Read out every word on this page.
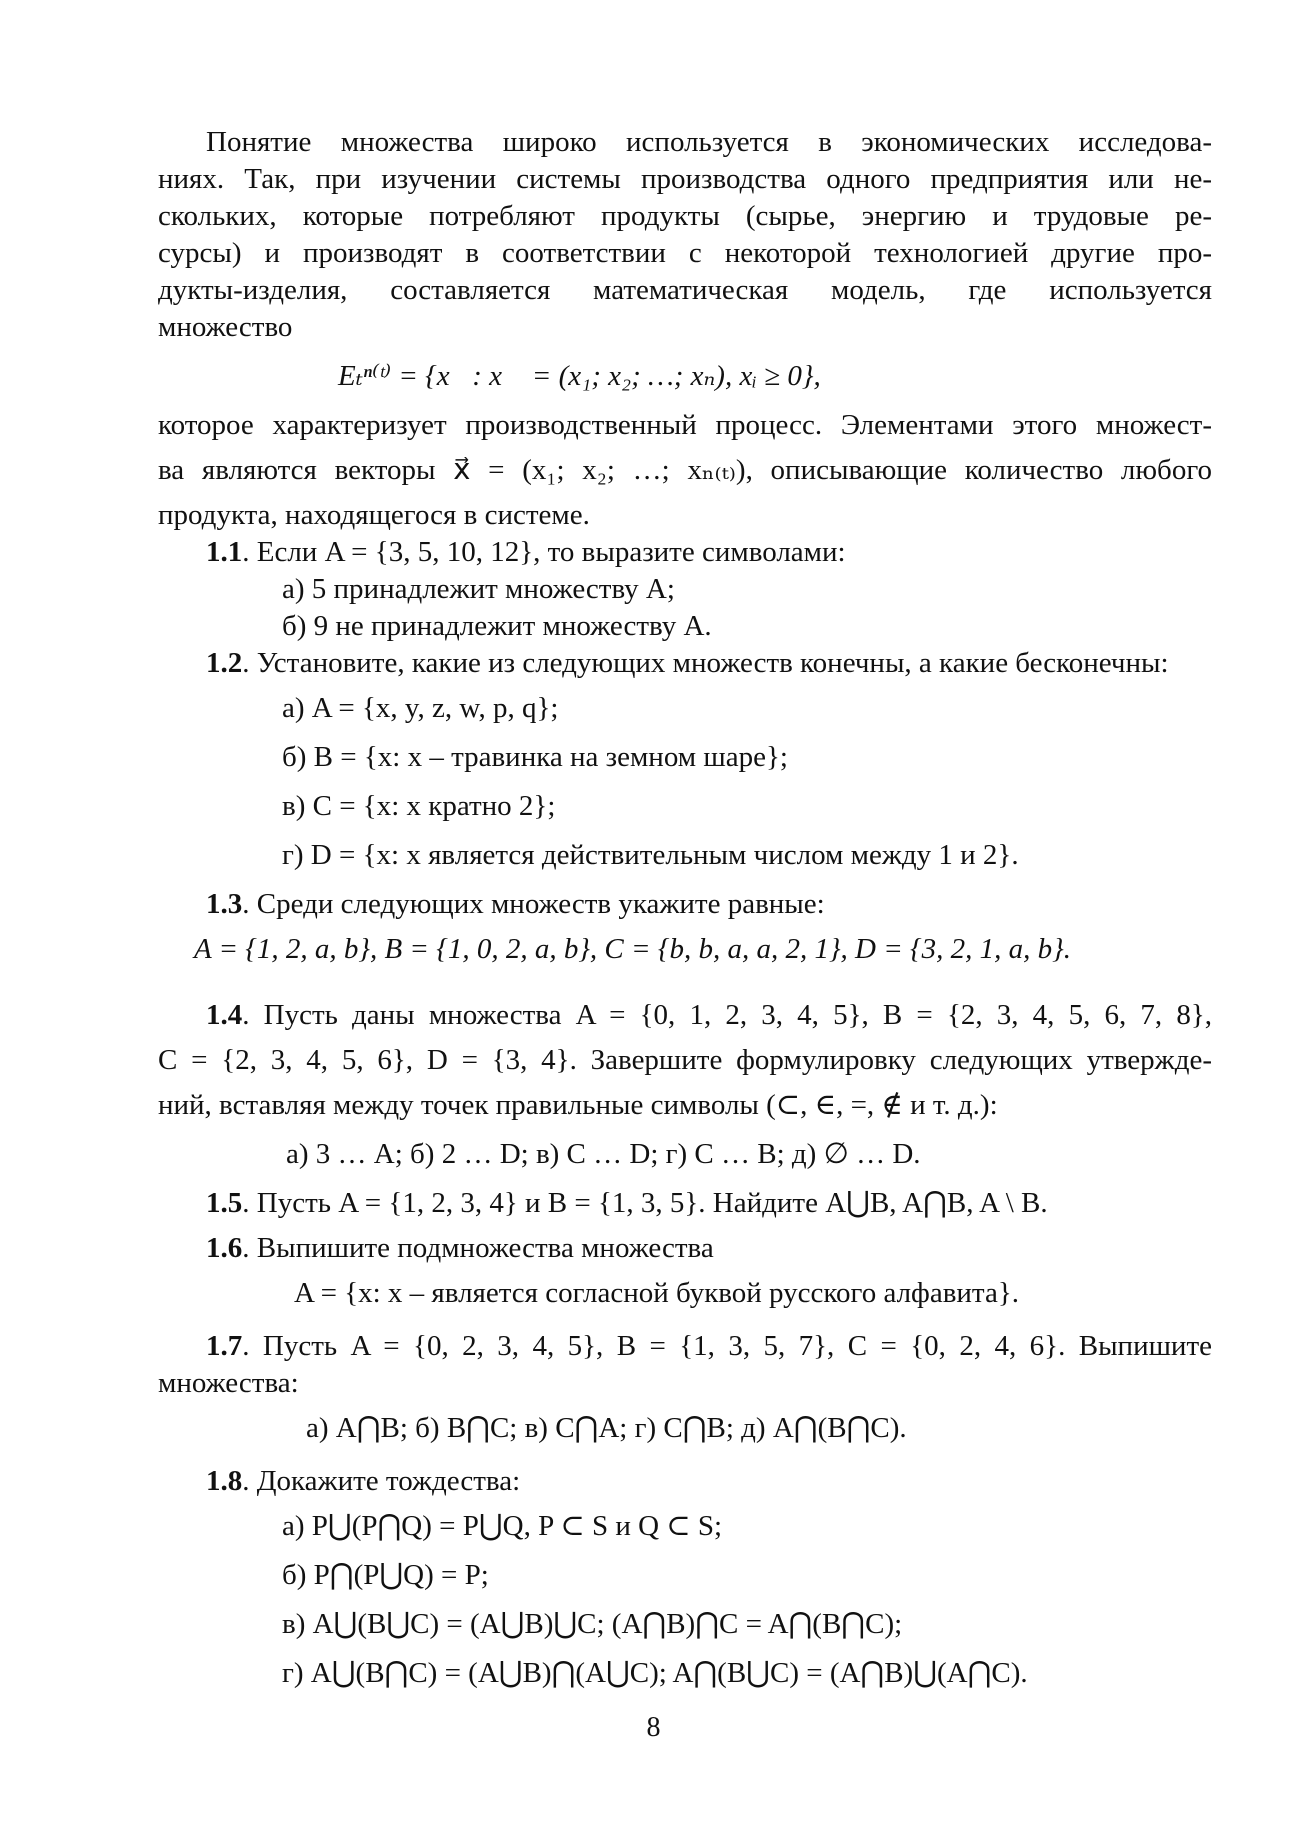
Понятие множества широко используется в экономических исследова-

ниях. Так, при изучении системы производства одного предприятия или не-

скольких, которые потребляют продукты (сырье, энергию и трудовые ре-

сурсы) и производят в соответствии с некоторой технологией другие про-

дукты-изделия, составляется математическая модель, где используется

множество

Eₜⁿ⁽ᵗ⁾ = {x⃗: x⃗ = (x₁; x₂; …; xₙ), xᵢ ≥ 0},

которое характеризует производственный процесс. Элементами этого множест-

ва являются векторы x⃗ = (x₁; x₂; …; xₙ₍ₜ₎), описывающие количество любого

продукта, находящегося в системе.

1.1. Если A = {3, 5, 10, 12}, то выразите символами:

а) 5 принадлежит множеству A;

б) 9 не принадлежит множеству A.

1.2. Установите, какие из следующих множеств конечны, а какие бесконечны:

а) A = {x, y, z, w, p, q};

б) B = {x: x – травинка на земном шаре};

в) C = {x: x кратно 2};

г) D = {x: x является действительным числом между 1 и 2}.

1.3. Среди следующих множеств укажите равные:

A = {1, 2, a, b}, B = {1, 0, 2, a, b}, C = {b, b, a, a, 2, 1}, D = {3, 2, 1, a, b}.

1.4. Пусть даны множества A = {0, 1, 2, 3, 4, 5}, B = {2, 3, 4, 5, 6, 7, 8},

C = {2, 3, 4, 5, 6}, D = {3, 4}. Завершите формулировку следующих утвержде-

ний, вставляя между точек правильные символы (⊂, ∈, =, ∉ и т. д.):

а) 3 … A; б) 2 … D; в) C … D; г) C … B; д) ∅ … D.

1.5. Пусть A = {1, 2, 3, 4} и B = {1, 3, 5}. Найдите A⋃B, A⋂B, A \ B.

1.6. Выпишите подмножества множества

A = {x: x – является согласной буквой русского алфавита}.

1.7. Пусть A = {0, 2, 3, 4, 5}, B = {1, 3, 5, 7}, C = {0, 2, 4, 6}. Выпишите

множества:

а) A⋂B; б) B⋂C; в) C⋂A; г) C⋂B; д) A⋂(B⋂C).

1.8. Докажите тождества:

а) P⋃(P⋂Q) = P⋃Q, P ⊂ S и Q ⊂ S;

б) P⋂(P⋃Q) = P;

в) A⋃(B⋃C) = (A⋃B)⋃C; (A⋂B)⋂C = A⋂(B⋂C);

г) A⋃(B⋂C) = (A⋃B)⋂(A⋃C); A⋂(B⋃C) = (A⋂B)⋃(A⋂C).

8
